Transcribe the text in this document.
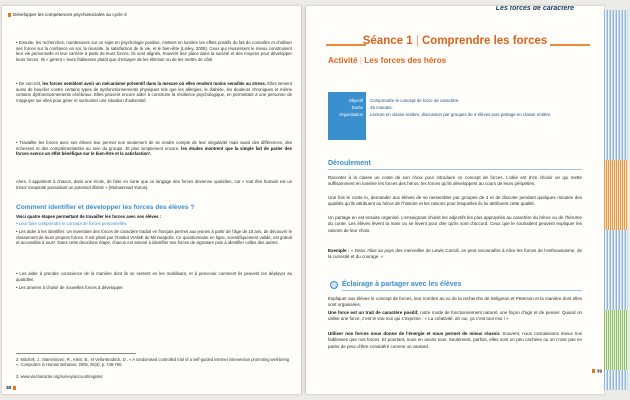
Développer les compétences psychosociales au cycle 3
• Ensuite, les recherches, nombreuses sur ce sujet en psychologie positive, mettent en lumière les effets positifs du fait de connaître et d’utiliser ses forces sur la confiance en soi, la réussite, la satisfaction de la vie, et le bien-être (Linley, 2008). Ceux qui réussissent le mieux construisent leur vie personnelle et leur carrière à partir de leurs forces. Ils sont alignés, trouvent leur place dans la société et des moyens pour développer leurs forces. Ils « gèrent » leurs faiblesses plutôt que d’essayer de les éliminer ou de les mettre de côté.
• De surcroît, les forces semblent avoir un mécanisme préventif dans la mesure où elles rendent moins sensible au stress. Elles servent aussi de bouclier contre certains types de dysfonctionnements physiques tels que les allergies, le diabète, les douleurs chroniques et même certains dysfonctionnements cérébraux. Elles peuvent encore aider à construire la résilience psychologique, en permettant à une personne de s’appuyer sur elles pour gérer et surmonter une situation d’adversité.
• Travailler les forces avec ses élèves leur permet non seulement de se rendre compte de leur singularité mais aussi des différences, des richesses et des complémentarités au sein du groupe. Et plus simplement encore, les études montrent que la simple fait de parler des forces exerce un effet bénéfique sur le bien-être et la satisfaction².
Alors, il appartient à chacun, dans une école, de faire en sorte que ce langage des forces devienne quotidien, car « tout être humain est un trésor inexploité possédant un potentiel illimité » (Muhammad Yunus).
Comment identifier et développer les forces des élèves ?
Voici quatre étapes permettant de travailler les forces avec ses élèves :
• Leur faire comprendre le concept de forces personnelles.
• Les aider à les identifier. Un inventaire des forces de caractère traduit en français permet aux jeunes à partir de l’âge de 10 ans, de découvrir le classement de leurs propres forces. Il est piloté par l’institut VIAME de Minneapolis. Ce questionnaire en ligne, scientifiquement validé, est gratuit et accessible à tous³. Dans cette deuxième étape, chacun est amené à identifier ses forces de signature puis à identifier celles des autres.
• Les aider à prendre conscience de la manière dont ils se sentent en les mobilisant, et à percevoir comment ils peuvent les déployer au quotidien.
• Les amener à choisir de nouvelles forces à développer.
2. Mitchell, J., Stanimirovic, R., Klein, B., et Vella-Brodrick, D., « A randomised controlled trial of a self-guided internet intervention promoting well-being », Computers in Human Behavior, 2009, 25(3), p. 749-760.
3. www.viacharacter.org/survey/account/register
38
Les forces de caractère
Séance 1 | Comprendre les forces
Activité | Les forces des héros
Objectif
Durée
Organisation
Comprendre le concept de force de caractère.
45 minutes.
Lecture en classe entière, discussion par groupes de 4 élèves puis partage en classe entière.
Déroulement
Raconter à la classe un conte de son choix pour introduire ce concept de forces. L’idée est d’en choisir un qui mette suffisamment en lumière les forces des héros, les forces qu’ils développent au cours de leurs péripéties.
Une fois le conte lu, demander aux élèves de se rassembler par groupes de 4 et de discuter pendant quelques minutes des qualités qu’ils attribuent au héros de l’histoire et les raisons pour lesquelles ils lui attribuent cette qualité.
Un partage en est ensuite organisé. L’enseignant choisit les adjectifs les plus appropriés au caractère du héros ou de l’héroïne du conte. Les élèves lèvent la main ou se lèvent pour dire qu’ils sont d’accord. Ceux que le souhaitent peuvent expliquer les raisons de leur choix.
Exemple : « Dans Alice au pays des merveilles de Lewis Carroll, on peut reconnaître à Alice les forces de l’enthousiasme, de la curiosité et du courage. »
Éclairage à partager avec les élèves
Expliquer aux élèves le concept de forces, leur nombre au vu de la recherche de Seligman et Peterson et la manière dont elles sont organisées.
Une force est un trait de caractère positif, notre mode de fonctionnement naturel, une façon d’agir et de penser. Quand on utilise une force, c’est le vrai moi qui s’exprime : « La créativité, ah oui, ça c’est tout moi ! »
Utiliser nos forces nous donne de l’énergie et nous permet de mieux réussir. Souvent, nous connaissons mieux nos faiblesses que nos forces. Et pourtant, nous en avons tous. Seulement, parfois, elles sont un peu cachées ou on n’ose pas en parler de peur d’être considéré comme un vantard.
39
